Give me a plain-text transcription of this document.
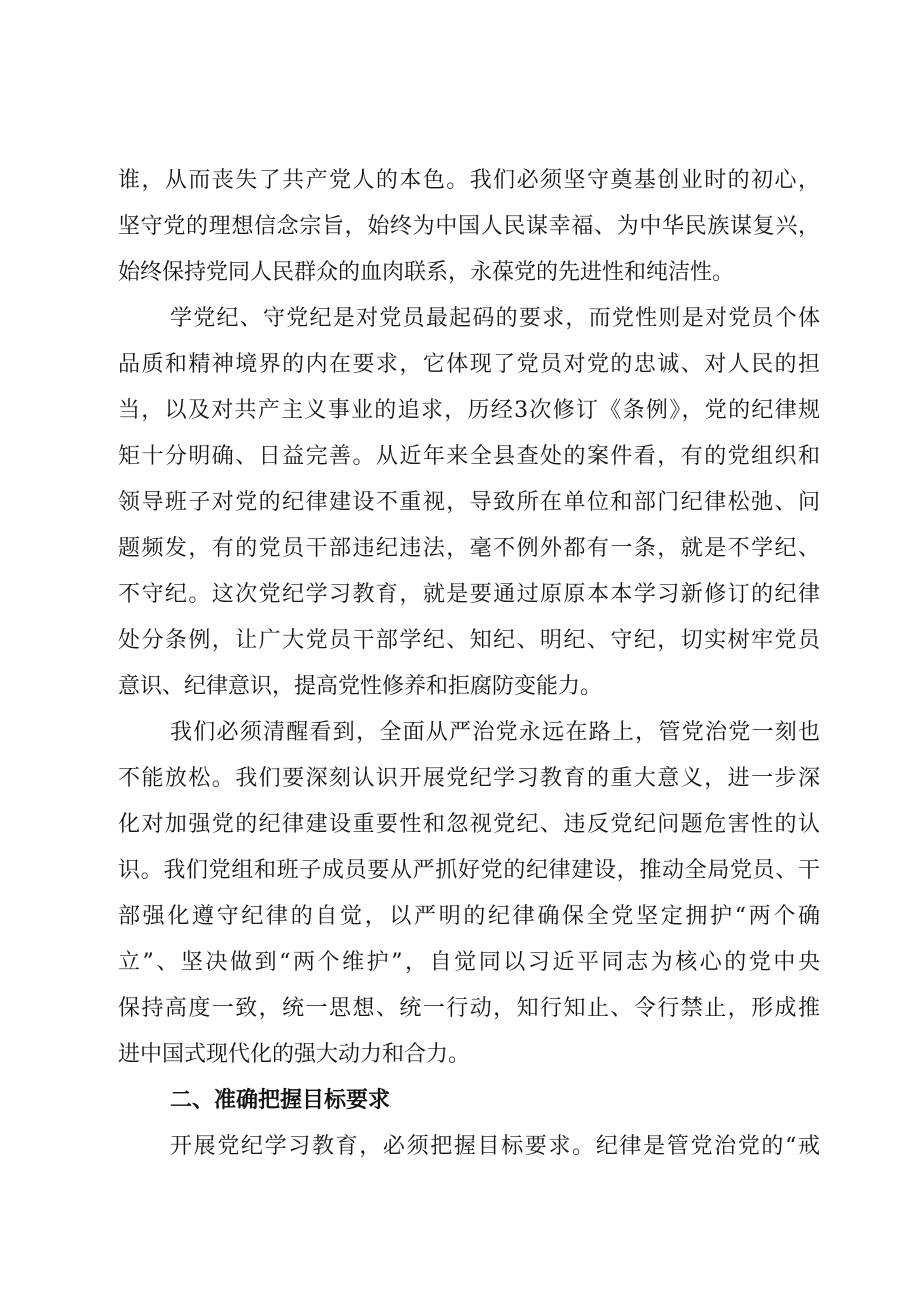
谁，从而丧失了共产党人的本色。我们必须坚守奠基创业时的初心，
坚守党的理想信念宗旨，始终为中国人民谋幸福、为中华民族谋复兴，
始终保持党同人民群众的血肉联系，永葆党的先进性和纯洁性。
学党纪、守党纪是对党员最起码的要求，而党性则是对党员个体
品质和精神境界的内在要求，它体现了党员对党的忠诚、对人民的担
当，以及对共产主义事业的追求，历经3次修订《条例》，党的纪律规
矩十分明确、日益完善。从近年来全县查处的案件看，有的党组织和
领导班子对党的纪律建设不重视，导致所在单位和部门纪律松弛、问
题频发，有的党员干部违纪违法，毫不例外都有一条，就是不学纪、
不守纪。这次党纪学习教育，就是要通过原原本本学习新修订的纪律
处分条例，让广大党员干部学纪、知纪、明纪、守纪，切实树牢党员
意识、纪律意识，提高党性修养和拒腐防变能力。
我们必须清醒看到，全面从严治党永远在路上，管党治党一刻也
不能放松。我们要深刻认识开展党纪学习教育的重大意义，进一步深
化对加强党的纪律建设重要性和忽视党纪、违反党纪问题危害性的认
识。我们党组和班子成员要从严抓好党的纪律建设，推动全局党员、干
部强化遵守纪律的自觉，以严明的纪律确保全党坚定拥护“两个确
立”、坚决做到“两个维护”，自觉同以习近平同志为核心的党中央
保持高度一致，统一思想、统一行动，知行知止、令行禁止，形成推
进中国式现代化的强大动力和合力。
二、准确把握目标要求
开展党纪学习教育，必须把握目标要求。纪律是管党治党的“戒
